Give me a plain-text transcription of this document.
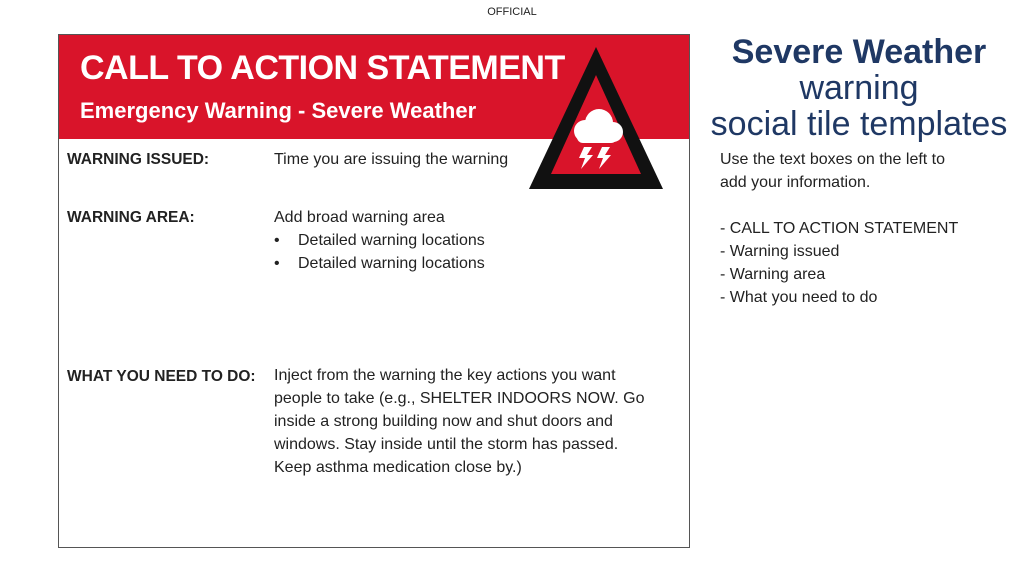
OFFICIAL
CALL TO ACTION STATEMENT
Emergency Warning - Severe Weather
WARNING ISSUED:	Time you are issuing the warning
WARNING AREA:	Add broad warning area
• Detailed warning locations
• Detailed warning locations
WHAT YOU NEED TO DO: Inject from the warning the key actions you want
people to take (e.g., SHELTER INDOORS NOW. Go
inside a strong building now and shut doors and
windows. Stay inside until the storm has passed.
Keep asthma medication close by.)
Severe Weather
warning
social tile templates
Use the text boxes on the left to
add your information.
- CALL TO ACTION STATEMENT
- Warning issued
- Warning area
- What you need to do
